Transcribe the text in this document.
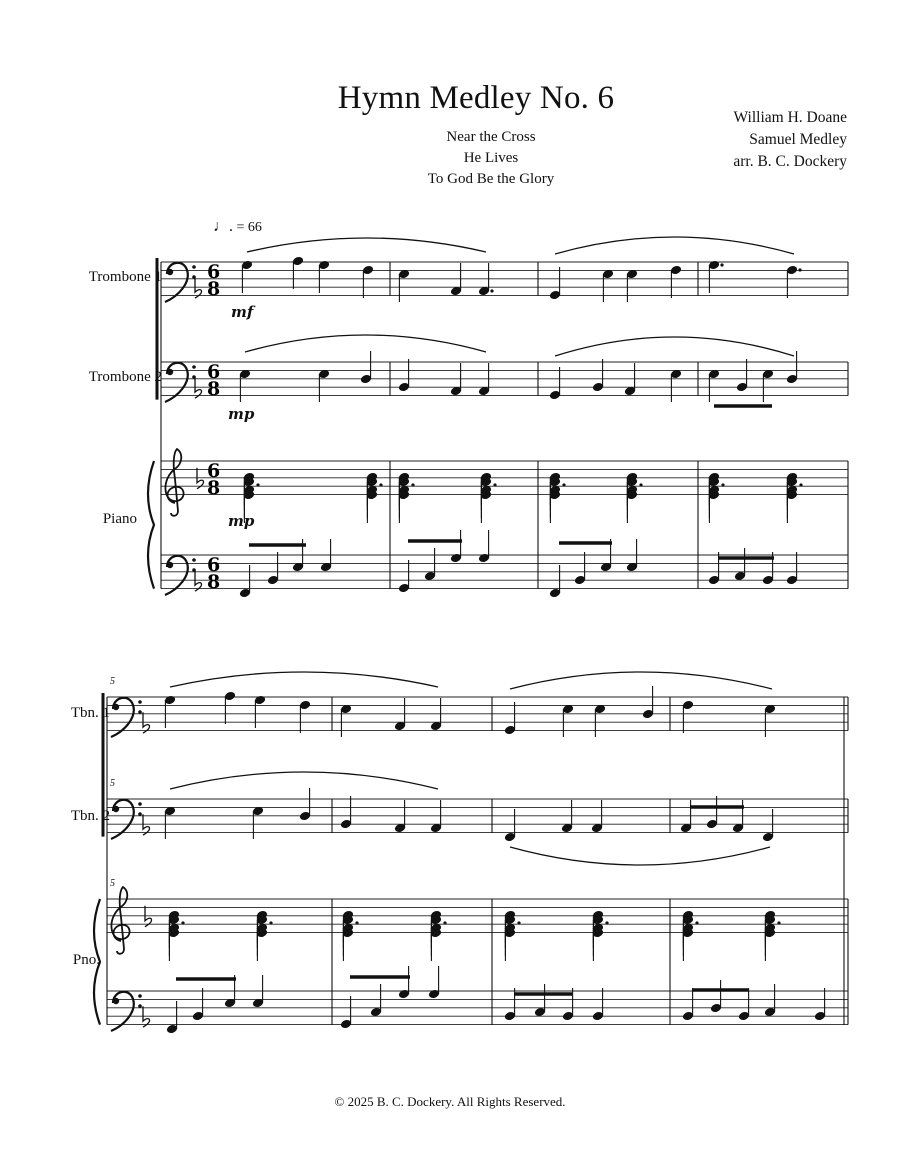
Hymn Medley No. 6
Near the Cross
He Lives
To God Be the Glory
William H. Doane
Samuel Medley
arr. B. C. Dockery
♩. = 66
Trombone 1
Trombone 2
Piano
Tbn. 1
Tbn. 2
Pno.
5
5
5
6
8
6
8
6
8
6
8
mf
mp
mp
© 2025 B. C. Dockery. All Rights Reserved.
